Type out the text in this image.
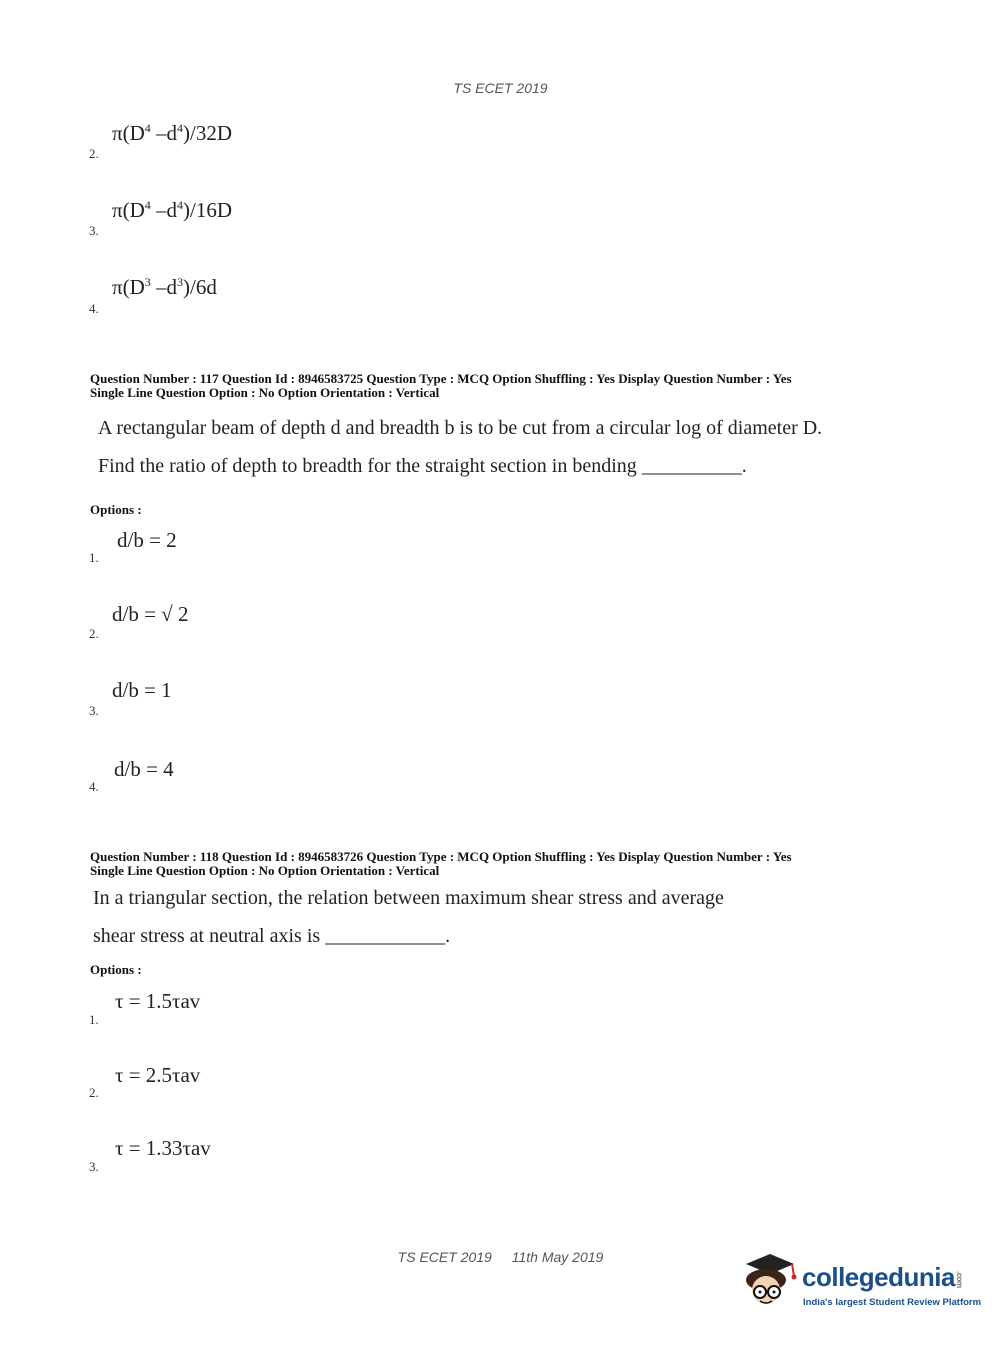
TS ECET 2019
$\pi(D^4$ $-d^4)/32D$
2.
$\pi(D^4$ $-d^4)/16D$
3.
$\pi(D^3$ $-d^3)/6d$
4.
Question Number : 117 Question Id : 8946583725 Question Type : MCQ Option Shuffling : Yes Display Question Number : Yes
Single Line Question Option : No Option Orientation : Vertical
A rectangular beam of depth d and breadth b is to be cut from a circular log of diameter D.
Find the ratio of depth to breadth for the straight section in bending __________.
Options :
d/b = 2
1.
d/b = √ 2
2.
d/b = 1
3.
d/b = 4
4.
Question Number : 118 Question Id : 8946583726 Question Type : MCQ Option Shuffling : Yes Display Question Number : Yes
Single Line Question Option : No Option Orientation : Vertical
In a triangular section, the relation between maximum shear stress and average
shear stress at neutral axis is ____________.
Options :
τ = 1.5τav
1.
τ = 2.5τav
2.
τ = 1.33τav
3.
TS ECET 2019 11th May 2019
collegedunia.com
India's largest Student Review Platform
